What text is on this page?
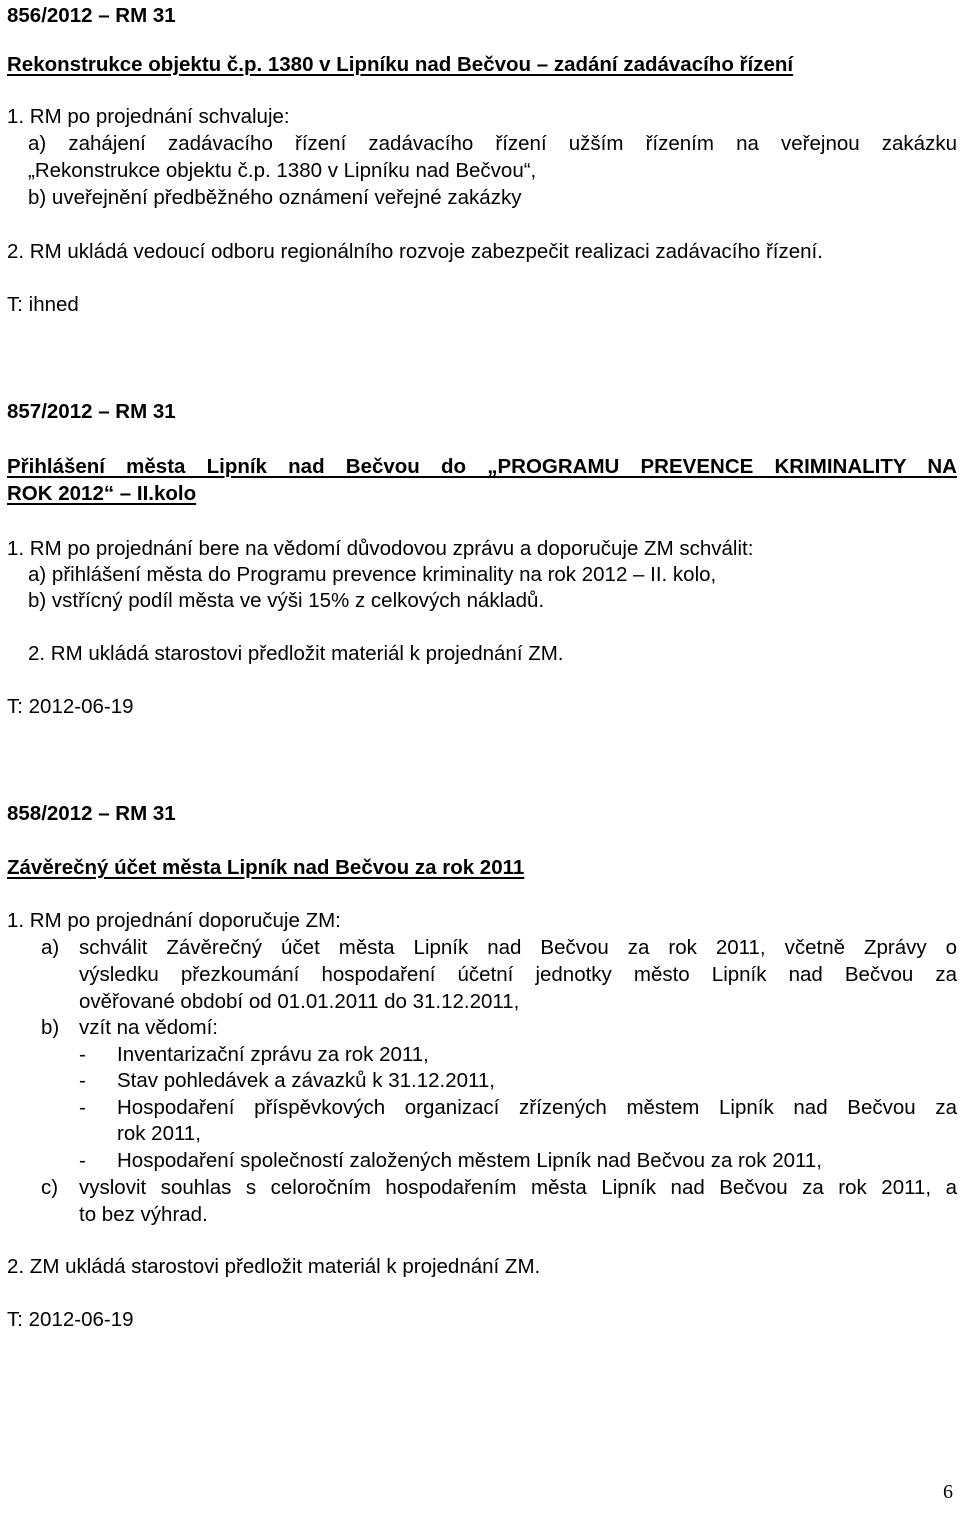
856/2012 – RM 31
Rekonstrukce objektu č.p. 1380 v Lipníku nad Bečvou – zadání zadávacího řízení
1. RM po projednání schvaluje:
a) zahájení zadávacího řízení zadávacího řízení užším řízením na veřejnou zakázku
„Rekonstrukce objektu č.p. 1380 v Lipníku nad Bečvou“,
b) uveřejnění předběžného oznámení veřejné zakázky
2. RM ukládá vedoucí odboru regionálního rozvoje zabezpečit realizaci zadávacího řízení.
T: ihned
857/2012 – RM 31
Přihlášení města Lipník nad Bečvou do „PROGRAMU PREVENCE KRIMINALITY NA
ROK 2012“ – II.kolo
1. RM po projednání bere na vědomí důvodovou zprávu a doporučuje ZM schválit:
a) přihlášení města do Programu prevence kriminality na rok 2012 – II. kolo,
b) vstřícný podíl města ve výši 15% z celkových nákladů.
2. RM ukládá starostovi předložit materiál k projednání ZM.
T: 2012-06-19
858/2012 – RM 31
Závěrečný účet města Lipník nad Bečvou za rok 2011
1. RM po projednání doporučuje ZM:
a) schválit Závěrečný účet města Lipník nad Bečvou za rok 2011, včetně Zprávy o
výsledku přezkoumání hospodaření účetní jednotky město Lipník nad Bečvou za
ověřované období od 01.01.2011 do 31.12.2011,
b) vzít na vědomí:
- Inventarizační zprávu za rok 2011,
- Stav pohledávek a závazků k 31.12.2011,
- Hospodaření příspěvkových organizací zřízených městem Lipník nad Bečvou za
rok 2011,
- Hospodaření společností založených městem Lipník nad Bečvou za rok 2011,
c) vyslovit souhlas s celoročním hospodařením města Lipník nad Bečvou za rok 2011, a
to bez výhrad.
2. ZM ukládá starostovi předložit materiál k projednání ZM.
T: 2012-06-19
6
